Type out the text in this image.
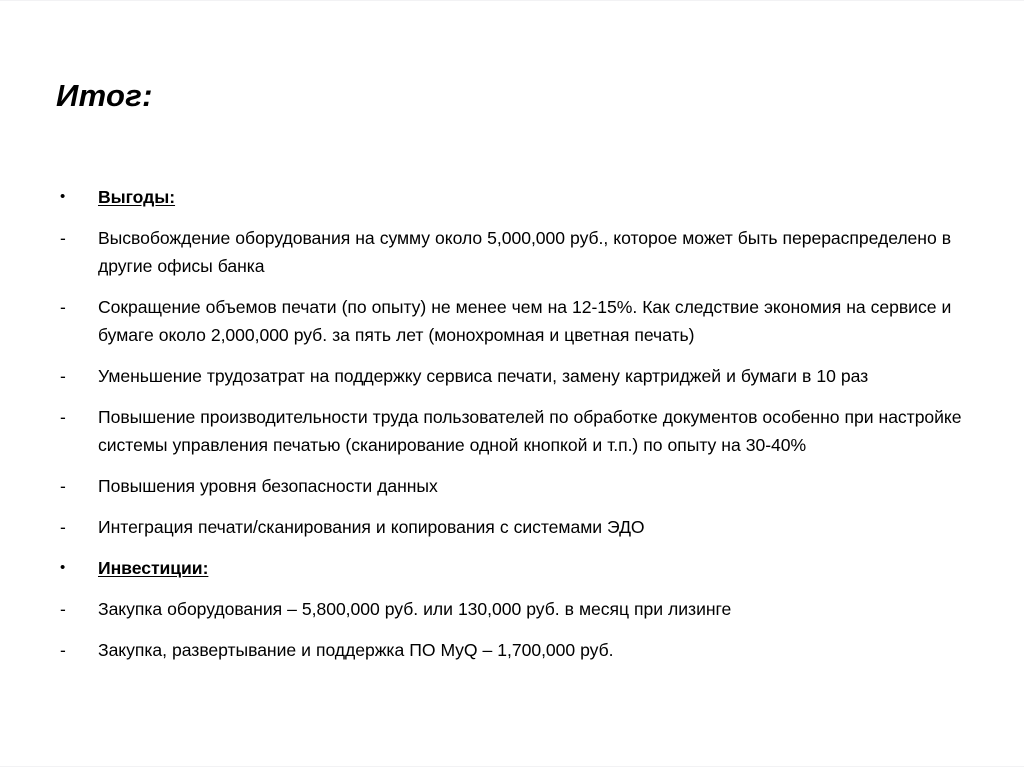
Итог:
•	Выгоды:
-	Высвобождение оборудования на сумму около 5,000,000 руб., которое может быть перераспределено в другие офисы банка
-	Сокращение объемов печати (по опыту) не менее чем на 12-15%. Как следствие экономия на сервисе и бумаге около 2,000,000 руб. за пять лет (монохромная и цветная печать)
-	Уменьшение трудозатрат на поддержку сервиса печати, замену картриджей и бумаги в 10 раз
-	Повышение производительности труда пользователей по обработке документов особенно при настройке системы управления печатью (сканирование одной кнопкой и т.п.) по опыту на 30-40%
-	Повышения уровня безопасности данных
-	Интеграция печати/сканирования и копирования с системами ЭДО
•	Инвестиции:
-	Закупка оборудования – 5,800,000 руб. или 130,000 руб. в месяц при лизинге
-	Закупка, развертывание и поддержка ПО MyQ – 1,700,000 руб.
